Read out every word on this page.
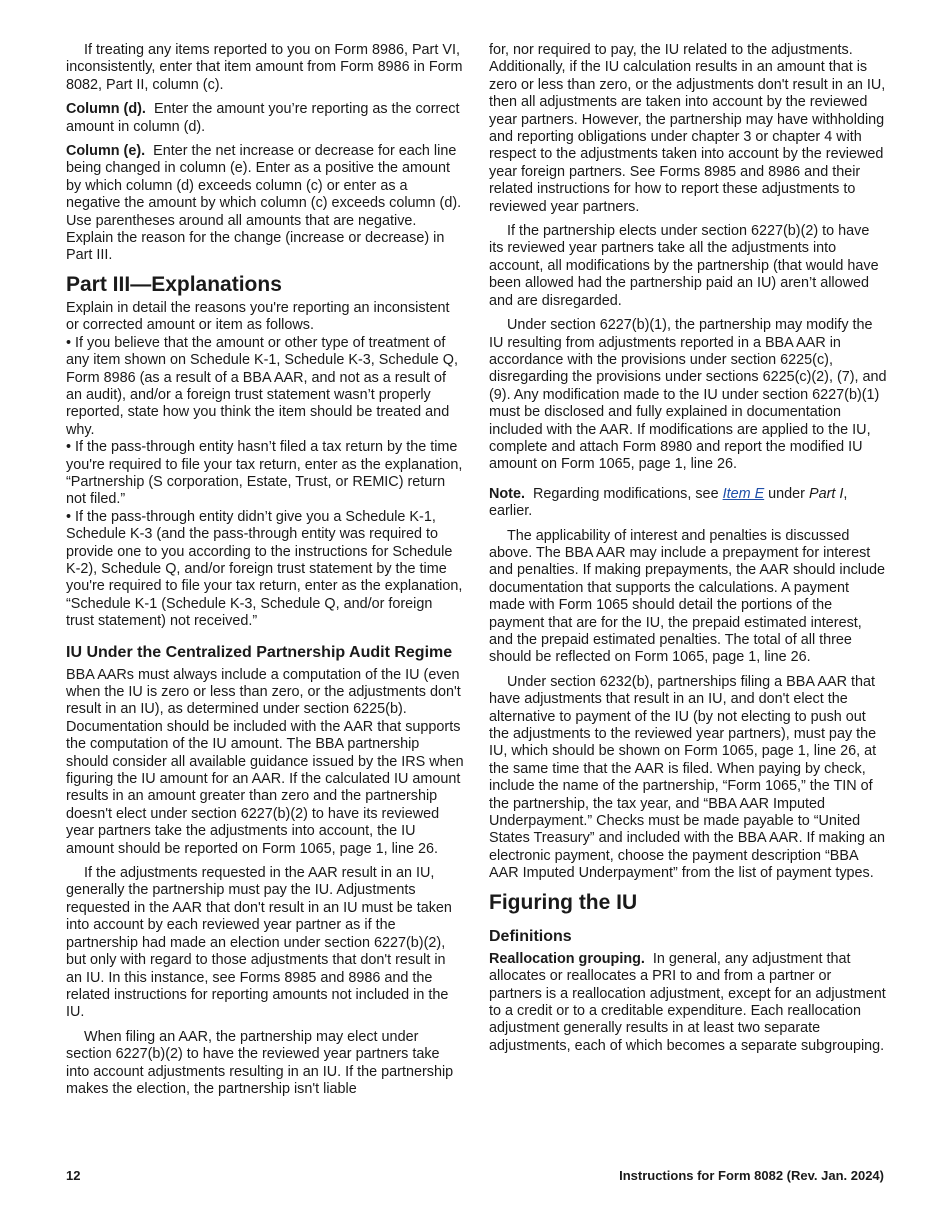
If treating any items reported to you on Form 8986, Part VI, inconsistently, enter that item amount from Form 8986 in Form 8082, Part II, column (c).

Column (d). Enter the amount you’re reporting as the correct amount in column (d).

Column (e). Enter the net increase or decrease for each line being changed in column (e). Enter as a positive the amount by which column (d) exceeds column (c) or enter as a negative the amount by which column (c) exceeds column (d). Use parentheses around all amounts that are negative. Explain the reason for the change (increase or decrease) in Part III.

Part III—Explanations
Explain in detail the reasons you're reporting an inconsistent or corrected amount or item as follows.
• If you believe that the amount or other type of treatment of any item shown on Schedule K-1, Schedule K-3, Schedule Q, Form 8986 (as a result of a BBA AAR, and not as a result of an audit), and/or a foreign trust statement wasn’t properly reported, state how you think the item should be treated and why.
• If the pass-through entity hasn’t filed a tax return by the time you're required to file your tax return, enter as the explanation, “Partnership (S corporation, Estate, Trust, or REMIC) return not filed.”
• If the pass-through entity didn’t give you a Schedule K-1, Schedule K-3 (and the pass-through entity was required to provide one to you according to the instructions for Schedule K-2), Schedule Q, and/or foreign trust statement by the time you're required to file your tax return, enter as the explanation, “Schedule K-1 (Schedule K-3, Schedule Q, and/or foreign trust statement) not received.”
IU Under the Centralized Partnership Audit Regime

BBA AARs must always include a computation of the IU (even when the IU is zero or less than zero, or the adjustments don't result in an IU), as determined under section 6225(b). Documentation should be included with the AAR that supports the computation of the IU amount. The BBA partnership should consider all available guidance issued by the IRS when figuring the IU amount for an AAR. If the calculated IU amount results in an amount greater than zero and the partnership doesn't elect under section 6227(b)(2) to have its reviewed year partners take the adjustments into account, the IU amount should be reported on Form 1065, page 1, line 26.

If the adjustments requested in the AAR result in an IU, generally the partnership must pay the IU. Adjustments requested in the AAR that don't result in an IU must be taken into account by each reviewed year partner as if the partnership had made an election under section 6227(b)(2), but only with regard to those adjustments that don't result in an IU. In this instance, see Forms 8985 and 8986 and the related instructions for reporting amounts not included in the IU.

When filing an AAR, the partnership may elect under section 6227(b)(2) to have the reviewed year partners take into account adjustments resulting in an IU. If the partnership makes the election, the partnership isn't liable

for, nor required to pay, the IU related to the adjustments. Additionally, if the IU calculation results in an amount that is zero or less than zero, or the adjustments don't result in an IU, then all adjustments are taken into account by the reviewed year partners. However, the partnership may have withholding and reporting obligations under chapter 3 or chapter 4 with respect to the adjustments taken into account by the reviewed year foreign partners. See Forms 8985 and 8986 and their related instructions for how to report these adjustments to reviewed year partners.

If the partnership elects under section 6227(b)(2) to have its reviewed year partners take all the adjustments into account, all modifications by the partnership (that would have been allowed had the partnership paid an IU) aren’t allowed and are disregarded.

Under section 6227(b)(1), the partnership may modify the IU resulting from adjustments reported in a BBA AAR in accordance with the provisions under section 6225(c), disregarding the provisions under sections 6225(c)(2), (7), and (9). Any modification made to the IU under section 6227(b)(1) must be disclosed and fully explained in documentation included with the AAR. If modifications are applied to the IU, complete and attach Form 8980 and report the modified IU amount on Form 1065, page 1, line 26.

Note. Regarding modifications, see Item E under Part I, earlier.

The applicability of interest and penalties is discussed above. The BBA AAR may include a prepayment for interest and penalties. If making prepayments, the AAR should include documentation that supports the calculations. A payment made with Form 1065 should detail the portions of the payment that are for the IU, the prepaid estimated interest, and the prepaid estimated penalties. The total of all three should be reflected on Form 1065, page 1, line 26.

Under section 6232(b), partnerships filing a BBA AAR that have adjustments that result in an IU, and don't elect the alternative to payment of the IU (by not electing to push out the adjustments to the reviewed year partners), must pay the IU, which should be shown on Form 1065, page 1, line 26, at the same time that the AAR is filed. When paying by check, include the name of the partnership, “Form 1065,” the TIN of the partnership, the tax year, and “BBA AAR Imputed Underpayment.” Checks must be made payable to “United States Treasury” and included with the BBA AAR. If making an electronic payment, choose the payment description “BBA AAR Imputed Underpayment” from the list of payment types.

Figuring the IU
Definitions

Reallocation grouping. In general, any adjustment that allocates or reallocates a PRI to and from a partner or partners is a reallocation adjustment, except for an adjustment to a credit or to a creditable expenditure. Each reallocation adjustment generally results in at least two separate adjustments, each of which becomes a separate subgrouping.

12	Instructions for Form 8082 (Rev. Jan. 2024)
